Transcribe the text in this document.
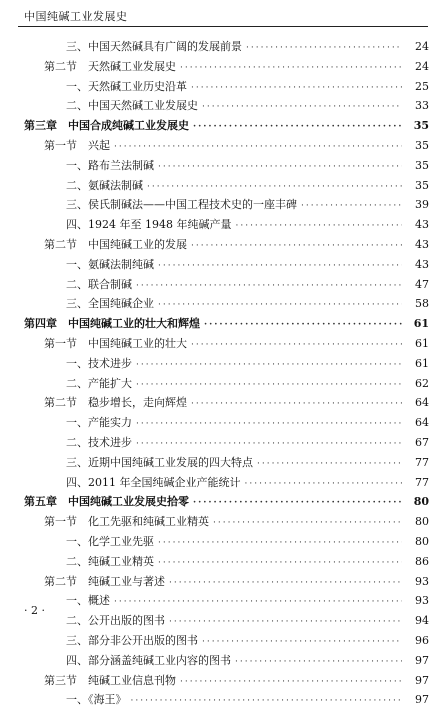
中国纯碱工业发展史
三、中国天然碱具有广阔的发展前景 ·····	24
第二节　天然碱工业发展史 ·····	24
一、天然碱工业历史沿革 ·····	25
二、中国天然碱工业发展史 ·····	33
第三章　中国合成纯碱工业发展史 ·····	35
第一节　兴起 ·····	35
一、路布兰法制碱 ·····	35
二、氨碱法制碱 ·····	35
三、侯氏制碱法——中国工程技术史的一座丰碑 ·····	39
四、1924 年至 1948 年纯碱产量 ·····	43
第二节　中国纯碱工业的发展 ·····	43
一、氨碱法制纯碱 ·····	43
二、联合制碱 ·····	47
三、全国纯碱企业 ·····	58
第四章　中国纯碱工业的壮大和辉煌 ·····	61
第一节　中国纯碱工业的壮大 ·····	61
一、技术进步 ·····	61
二、产能扩大 ·····	62
第二节　稳步增长，走向辉煌 ·····	64
一、产能实力 ·····	64
二、技术进步 ·····	67
三、近期中国纯碱工业发展的四大特点 ·····	77
四、2011 年全国纯碱企业产能统计 ·····	77
第五章　中国纯碱工业发展史拾零 ·····	80
第一节　化工先驱和纯碱工业精英 ·····	80
一、化学工业先驱 ·····	80
二、纯碱工业精英 ·····	86
第二节　纯碱工业与著述 ·····	93
一、概述 ·····	93
二、公开出版的图书 ·····	94
三、部分非公开出版的图书 ·····	96
四、部分涵盖纯碱工业内容的图书 ·····	97
第三节　纯碱工业信息刊物 ·····	97
一、《海王》 ·····	97
· 2 ·
